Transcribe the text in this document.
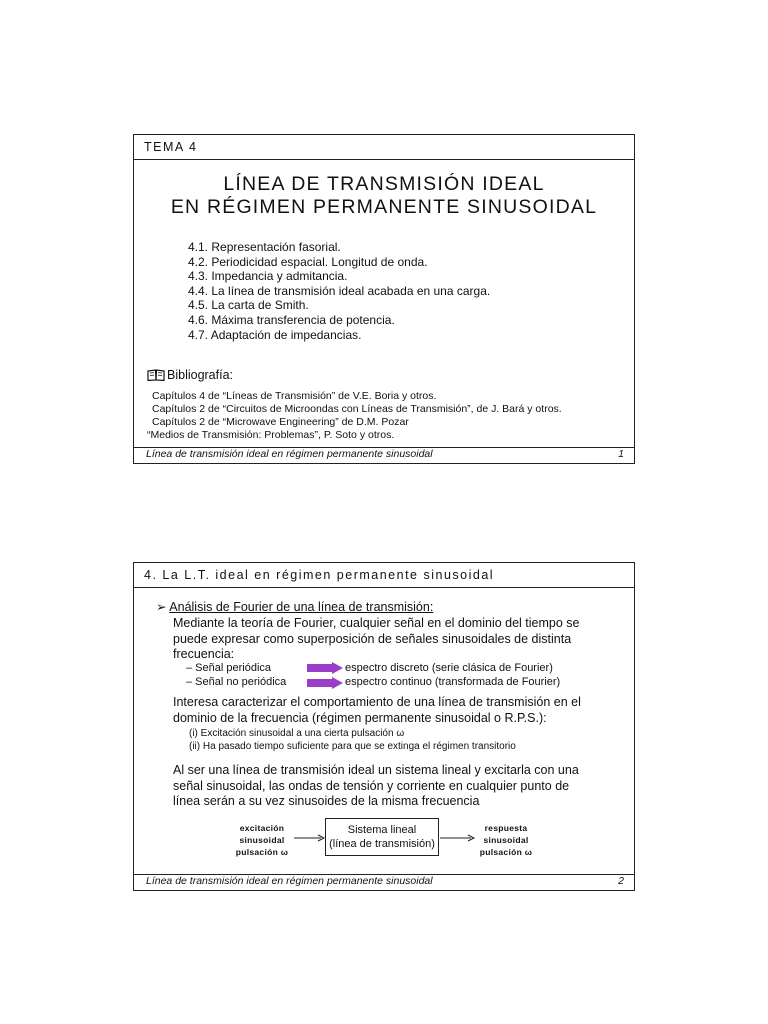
TEMA 4
LÍNEA DE TRANSMISIÓN IDEAL
EN RÉGIMEN PERMANENTE SINUSOIDAL
4.1. Representación fasorial.
4.2. Periodicidad espacial. Longitud de onda.
4.3. Impedancia y admitancia.
4.4. La línea de transmisión ideal acabada en una carga.
4.5. La carta de Smith.
4.6. Máxima transferencia de potencia.
4.7. Adaptación de impedancias.
Bibliografía:
Capítulos 4 de “Líneas de Transmisión” de V.E. Boria y otros.
Capítulos 2 de “Circuitos de Microondas con Líneas de Transmisión”, de J. Bará y otros.
Capítulos 2 de “Microwave Engineering” de D.M. Pozar
“Medios de Transmisión: Problemas”, P. Soto y otros.
Línea de transmisión ideal en régimen permanente sinusoidal	1
4. La L.T. ideal en régimen permanente sinusoidal
➢ Análisis de Fourier de una línea de transmisión:
Mediante la teoría de Fourier, cualquier señal en el dominio del tiempo se
puede expresar como superposición de señales sinusoidales de distinta
frecuencia:
– Señal periódica	espectro discreto (serie clásica de Fourier)
– Señal no periódica	espectro continuo (transformada de Fourier)
Interesa caracterizar el comportamiento de una línea de transmisión en el
dominio de la frecuencia (régimen permanente sinusoidal o R.P.S.):
(i) Excitación sinusoidal a una cierta pulsación ω
(ii) Ha pasado tiempo suficiente para que se extinga el régimen transitorio
Al ser una línea de transmisión ideal un sistema lineal y excitarla con una
señal sinusoidal, las ondas de tensión y corriente en cualquier punto de
línea serán a su vez sinusoides de la misma frecuencia
excitación
sinusoidal
pulsación ω
Sistema lineal
(línea de transmisión)
respuesta
sinusoidal
pulsación ω
Línea de transmisión ideal en régimen permanente sinusoidal	2
